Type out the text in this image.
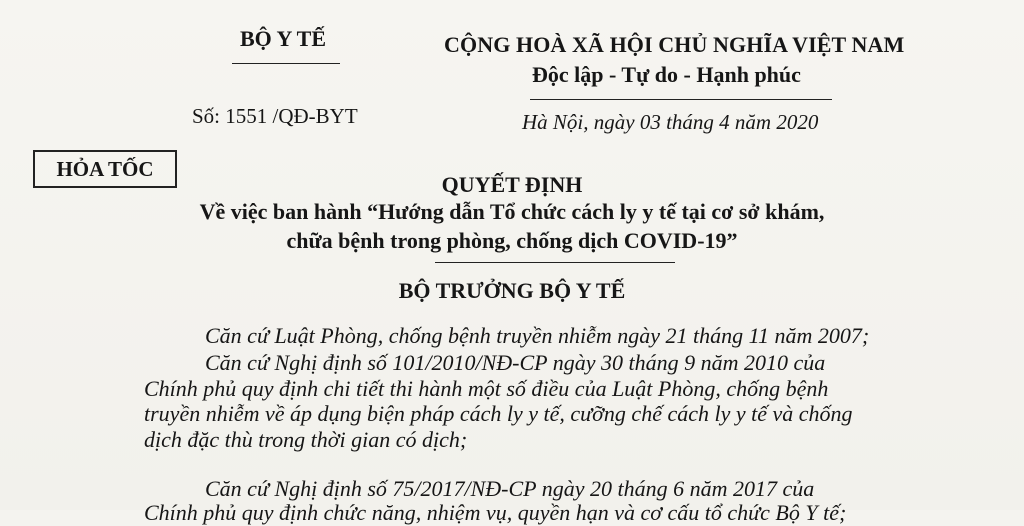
BỘ Y TẾ	CỘNG HOÀ XÃ HỘI CHỦ NGHĨA VIỆT NAM
Độc lập - Tự do - Hạnh phúc
Số: 1551 /QĐ-BYT	Hà Nội, ngày 03 tháng 4 năm 2020
HỎA TỐC
QUYẾT ĐỊNH
Về việc ban hành “Hướng dẫn Tổ chức cách ly y tế tại cơ sở khám,
chữa bệnh trong phòng, chống dịch COVID-19”
BỘ TRƯỞNG BỘ Y TẾ
Căn cứ Luật Phòng, chống bệnh truyền nhiễm ngày 21 tháng 11 năm 2007;
Căn cứ Nghị định số 101/2010/NĐ-CP ngày 30 tháng 9 năm 2010 của
Chính phủ quy định chi tiết thi hành một số điều của Luật Phòng, chống bệnh
truyền nhiễm về áp dụng biện pháp cách ly y tế, cưỡng chế cách ly y tế và chống
dịch đặc thù trong thời gian có dịch;
Căn cứ Nghị định số 75/2017/NĐ-CP ngày 20 tháng 6 năm 2017 của
Chính phủ quy định chức năng, nhiệm vụ, quyền hạn và cơ cấu tổ chức Bộ Y tế;
